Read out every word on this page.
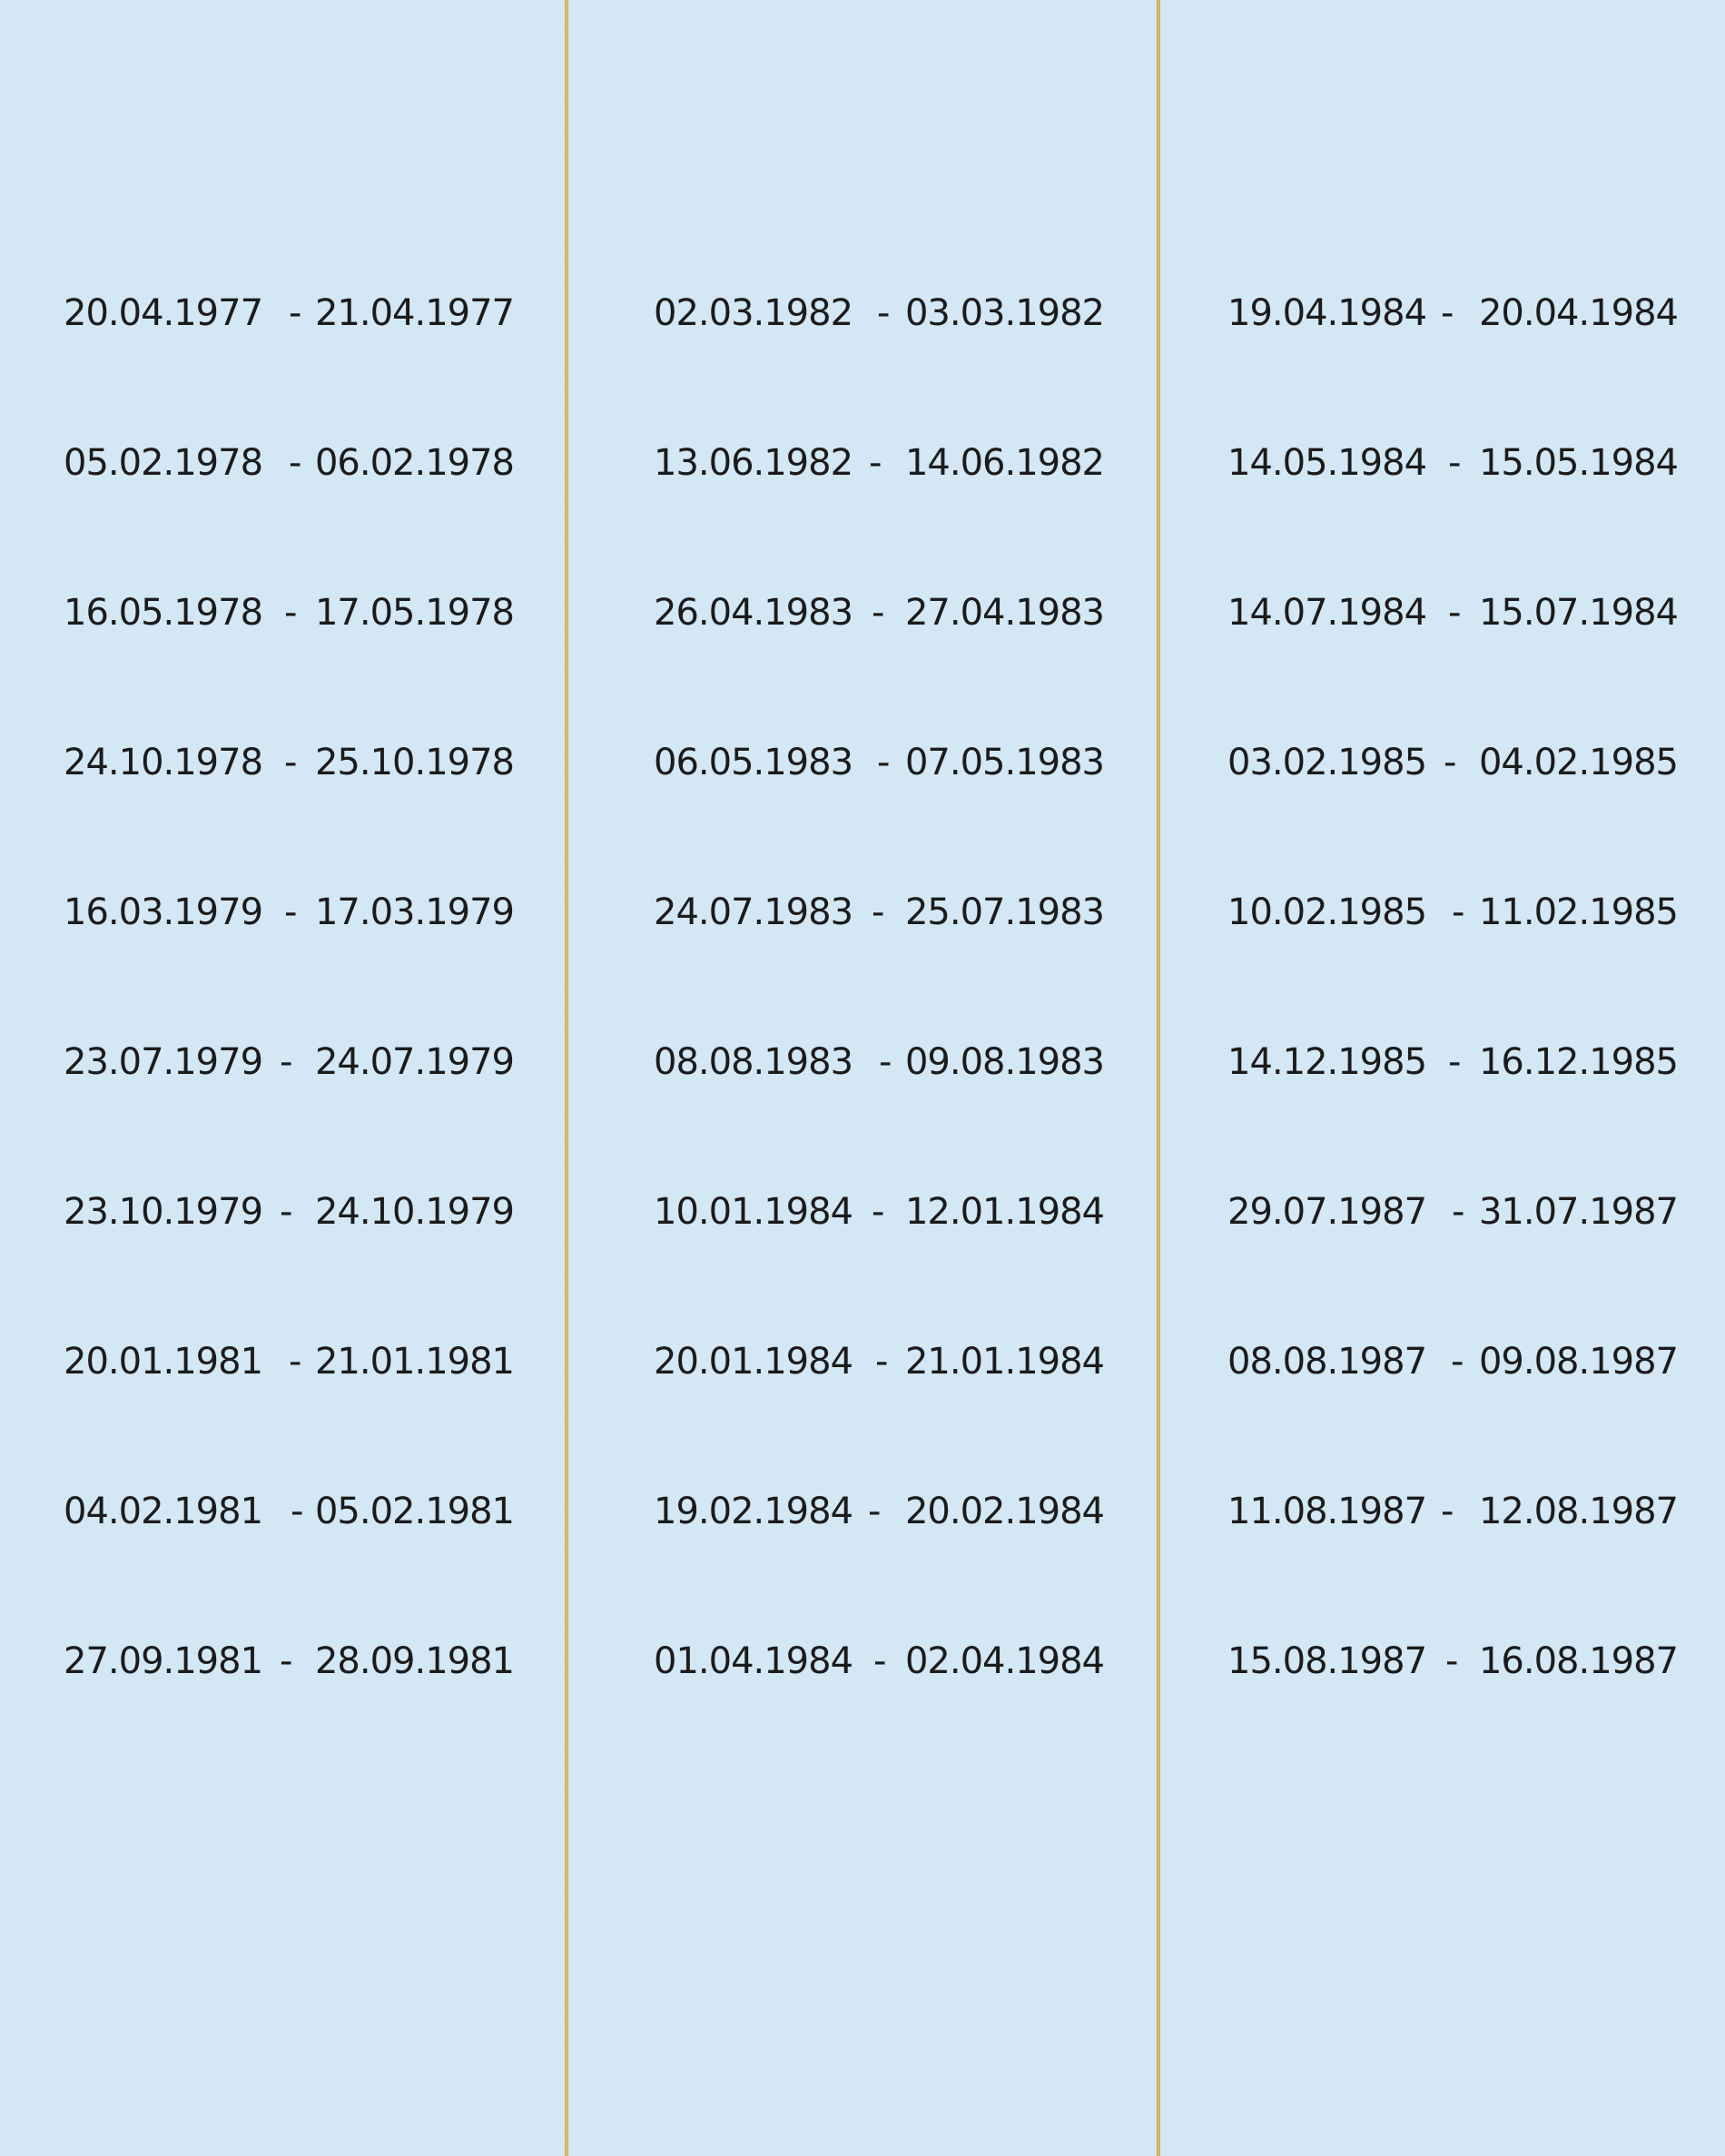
20.04.1977 - 21.04.1977
05.02.1978 - 06.02.1978
16.05.1978 - 17.05.1978
24.10.1978 - 25.10.1978
16.03.1979 - 17.03.1979
23.07.1979 - 24.07.1979
23.10.1979 - 24.10.1979
20.01.1981 - 21.01.1981
04.02.1981 - 05.02.1981
27.09.1981 - 28.09.1981
02.03.1982 - 03.03.1982
13.06.1982 - 14.06.1982
26.04.1983 - 27.04.1983
06.05.1983 - 07.05.1983
24.07.1983 - 25.07.1983
08.08.1983 - 09.08.1983
10.01.1984 - 12.01.1984
20.01.1984 - 21.01.1984
19.02.1984 - 20.02.1984
01.04.1984 - 02.04.1984
19.04.1984 - 20.04.1984
14.05.1984 - 15.05.1984
14.07.1984 - 15.07.1984
03.02.1985 - 04.02.1985
10.02.1985 - 11.02.1985
14.12.1985 - 16.12.1985
29.07.1987 - 31.07.1987
08.08.1987 - 09.08.1987
11.08.1987 - 12.08.1987
15.08.1987 - 16.08.1987
